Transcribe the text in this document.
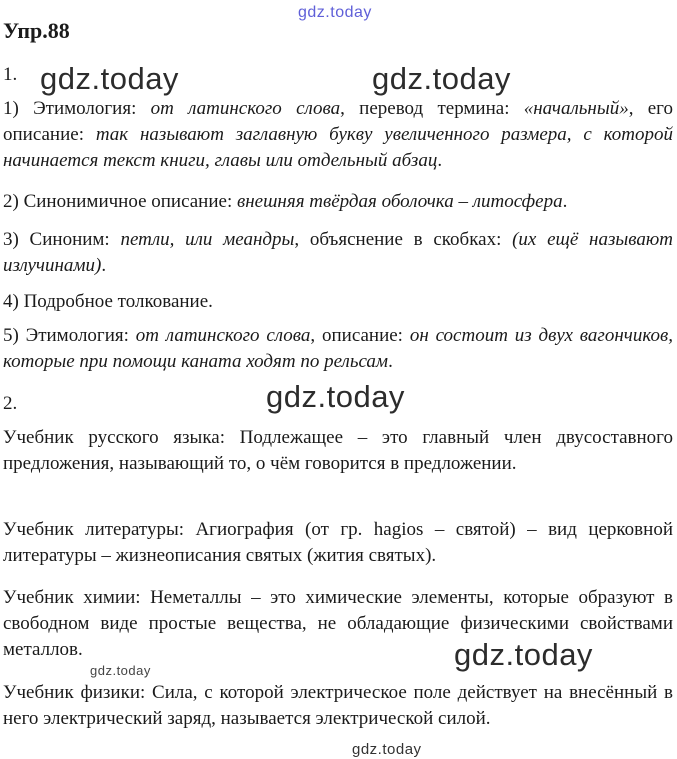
gdz.today

Упр.88

1. gdz.today	gdz.today

1) Этимология: от латинского слова, перевод термина: «начальный», его описание: так называют заглавную букву увеличенного размера, с которой начинается текст книги, главы или отдельный абзац.

2) Синонимичное описание: внешняя твёрдая оболочка – литосфера.

3) Синоним: петли, или меандры, объяснение в скобках: (их ещё называют излучинами).

4) Подробное толкование.

5) Этимология: от латинского слова, описание: он состоит из двух вагончиков, которые при помощи каната ходят по рельсам.

2.	gdz.today

Учебник русского языка: Подлежащее – это главный член двусоставного предложения, называющий то, о чём говорится в предложении.

Учебник литературы: Агиография (от гр. hagios – святой) – вид церковной литературы – жизнеописания святых (жития святых).

Учебник химии: Неметаллы – это химические элементы, которые образуют в свободном виде простые вещества, не обладающие физическими свойствами металлов.	gdz.today

Учебник физики: Сила, с которой электрическое поле действует на внесённый в него электрический заряд, называется электрической силой.

gdz.today
gdz.today
